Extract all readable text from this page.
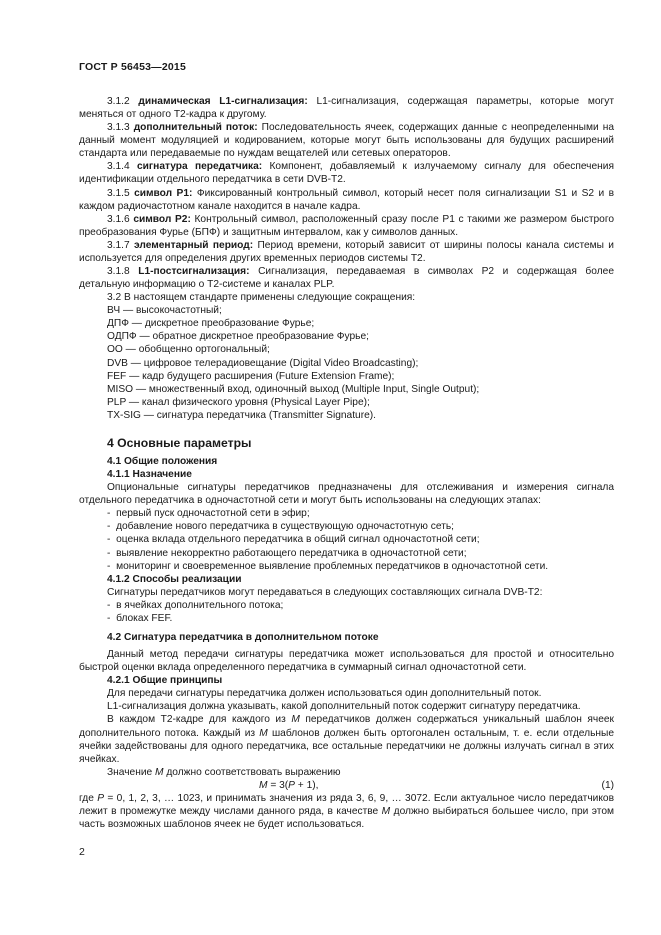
ГОСТ Р 56453—2015

3.1.2 динамическая L1-сигнализация: L1-сигнализация, содержащая параметры, которые могут меняться от одного Т2-кадра к другому.

3.1.3 дополнительный поток: Последовательность ячеек, содержащих данные с неопределенными на данный момент модуляцией и кодированием, которые могут быть использованы для будущих расширений стандарта или передаваемые по нуждам вещателей или сетевых операторов.

3.1.4 сигнатура передатчика: Компонент, добавляемый к излучаемому сигналу для обеспечения идентификации отдельного передатчика в сети DVB-T2.

3.1.5 символ P1: Фиксированный контрольный символ, который несет поля сигнализации S1 и S2 и в каждом радиочастотном канале находится в начале кадра.

3.1.6 символ P2: Контрольный символ, расположенный сразу после P1 с такими же размером быстрого преобразования Фурье (БПФ) и защитным интервалом, как у символов данных.

3.1.7 элементарный период: Период времени, который зависит от ширины полосы канала системы и используется для определения других временных периодов системы Т2.

3.1.8 L1-постсигнализация: Сигнализация, передаваемая в символах P2 и содержащая более детальную информацию о Т2-системе и каналах PLP.

3.2 В настоящем стандарте применены следующие сокращения:

ВЧ — высокочастотный;

ДПФ — дискретное преобразование Фурье;

ОДПФ — обратное дискретное преобразование Фурье;

ОО — обобщенно ортогональный;

DVB — цифровое телерадиовещание (Digital Video Broadcasting);

FEF — кадр будущего расширения (Future Extension Frame);

MISO — множественный вход, одиночный выход (Multiple Input, Single Output);

PLP — канал физического уровня (Physical Layer Pipe);

TX-SIG — сигнатура передатчика (Transmitter Signature).

4 Основные параметры

4.1 Общие положения

4.1.1 Назначение

Опциональные сигнатуры передатчиков предназначены для отслеживания и измерения сигнала отдельного передатчика в одночастотной сети и могут быть использованы на следующих этапах:

-  первый пуск одночастотной сети в эфир;

-  добавление нового передатчика в существующую одночастотную сеть;

-  оценка вклада отдельного передатчика в общий сигнал одночастотной сети;

-  выявление некорректно работающего передатчика в одночастотной сети;

-  мониторинг и своевременное выявление проблемных передатчиков в одночастотной сети.

4.1.2 Способы реализации

Сигнатуры передатчиков могут передаваться в следующих составляющих сигнала DVB-T2:

-  в ячейках дополнительного потока;

-  блоках FEF.

4.2 Сигнатура передатчика в дополнительном потоке

Данный метод передачи сигнатуры передатчика может использоваться для простой и относительно быстрой оценки вклада определенного передатчика в суммарный сигнал одночастотной сети.

4.2.1 Общие принципы

Для передачи сигнатуры передатчика должен использоваться один дополнительный поток.

L1-сигнализация должна указывать, какой дополнительный поток содержит сигнатуру передатчика.

В каждом Т2-кадре для каждого из M передатчиков должен содержаться уникальный шаблон ячеек дополнительного потока. Каждый из M шаблонов должен быть ортогонален остальным, т. е. если отдельные ячейки задействованы для одного передатчика, все остальные передатчики не должны излучать сигнал в этих ячейках.

Значение M должно соответствовать выражению

M = 3(P + 1),	(1)

где P = 0, 1, 2, 3, … 1023, и принимать значения из ряда 3, 6, 9, … 3072. Если актуальное число передатчиков лежит в промежутке между числами данного ряда, в качестве M должно выбираться большее число, при этом часть возможных шаблонов ячеек не будет использоваться.

2
